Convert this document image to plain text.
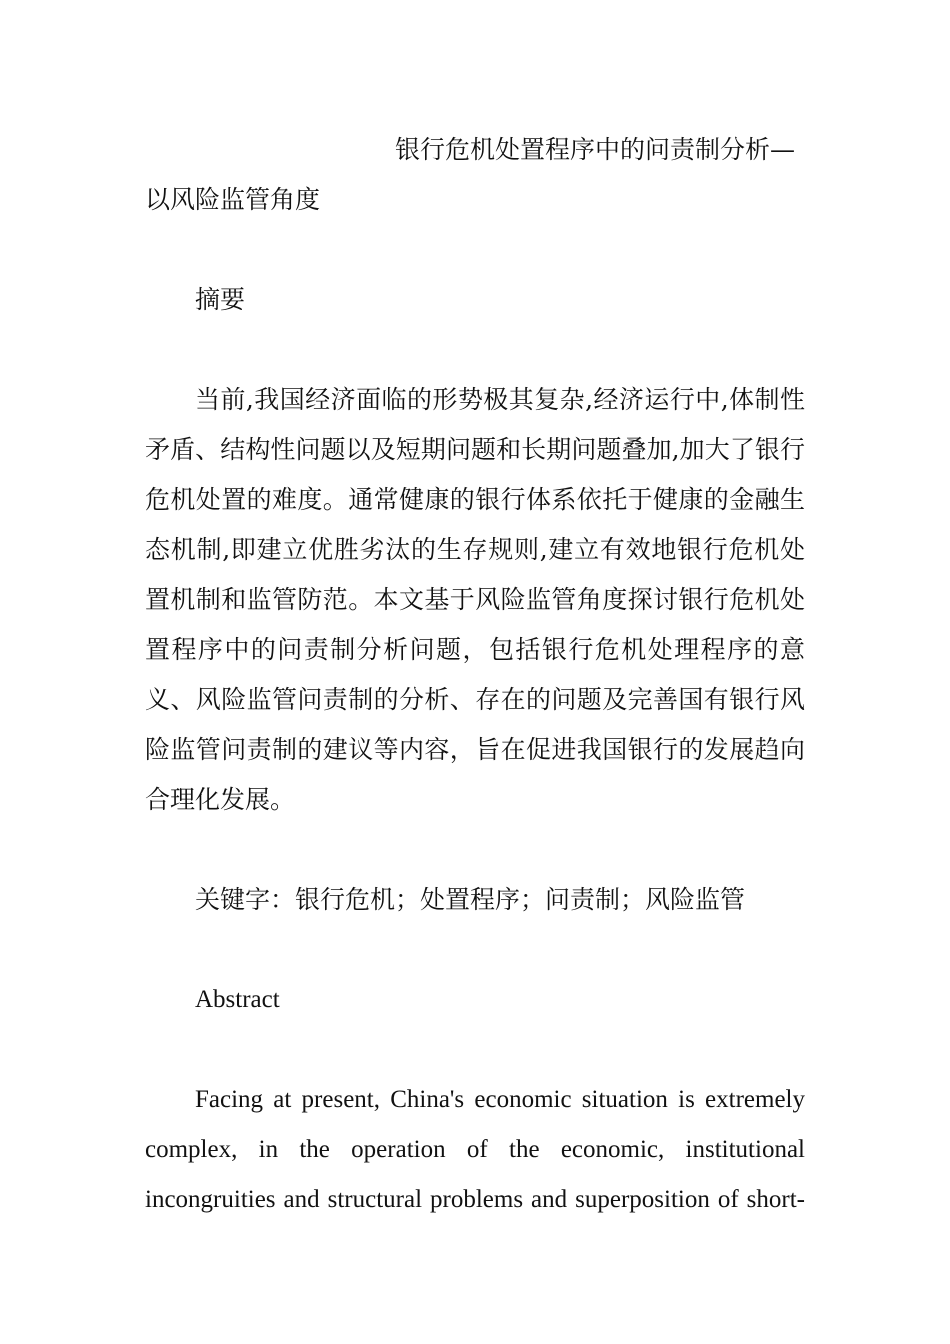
银行危机处置程序中的问责制分析—
以风险监管角度

摘要

当前,我国经济面临的形势极其复杂,经济运行中,体制性矛盾、结构性问题以及短期问题和长期问题叠加,加大了银行危机处置的难度。通常健康的银行体系依托于健康的金融生态机制,即建立优胜劣汰的生存规则,建立有效地银行危机处置机制和监管防范。本文基于风险监管角度探讨银行危机处置程序中的问责制分析问题，包括银行危机处理程序的意义、风险监管问责制的分析、存在的问题及完善国有银行风险监管问责制的建议等内容，旨在促进我国银行的发展趋向合理化发展。

关键字：银行危机；处置程序；问责制；风险监管

Abstract

Facing at present, China's economic situation is extremely complex, in the operation of the economic, institutional incongruities and structural problems and superposition of short-
